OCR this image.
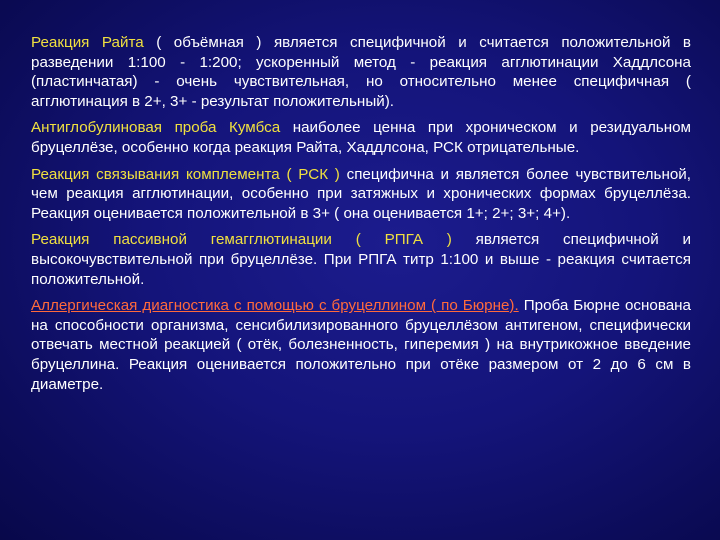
Реакция Райта ( объёмная ) является специфичной и считается положительной в разведении 1:100 - 1:200; ускоренный метод - реакция агглютинации Хаддлсона (пластинчатая) - очень чувствительная, но относительно менее специфичная ( агглютинация в 2+, 3+ - результат положительный).

Антиглобулиновая проба Кумбса наиболее ценна при хроническом и резидуальном бруцеллёзе, особенно когда реакция Райта, Хаддлсона, РСК отрицательные.

Реакция связывания комплемента ( РСК ) специфична и является более чувствительной, чем реакция агглютинации, особенно при затяжных и хронических формах бруцеллёза. Реакция оценивается положительной в 3+ ( она оценивается 1+; 2+; 3+; 4+).

Реакция пассивной гемагглютинации ( РПГА ) является специфичной и высокочувствительной при бруцеллёзе. При РПГА титр 1:100 и выше - реакция считается положительной.

Аллергическая диагностика с помощью с бруцеллином ( по Бюрне). Проба Бюрне основана на способности организма, сенсибилизированного бруцеллёзом антигеном, специфически отвечать местной реакцией ( отёк, болезненность, гиперемия ) на внутрикожное введение бруцеллина. Реакция оценивается положительно при отёке размером от 2 до 6 см в диаметре.
